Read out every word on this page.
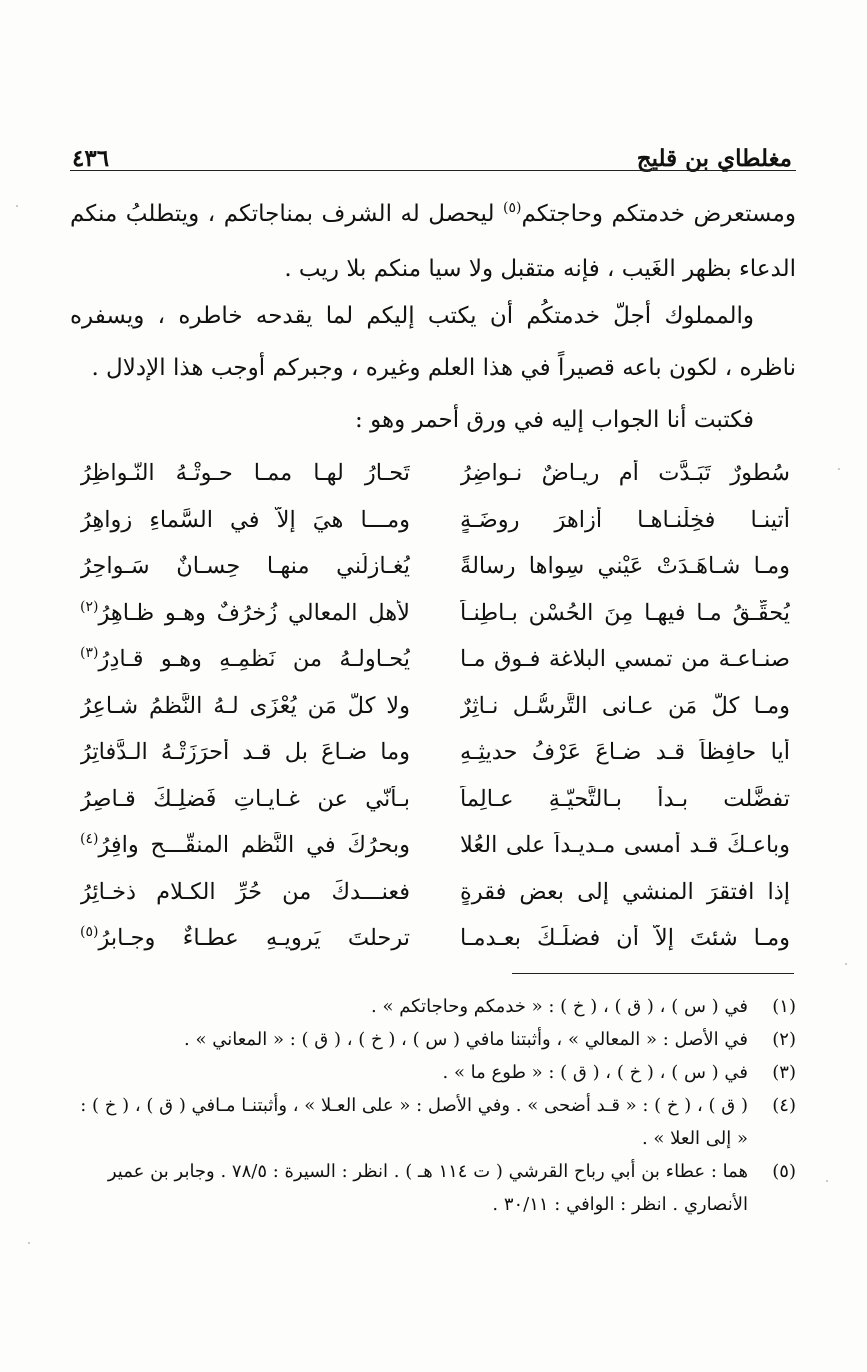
مغلطاي بن قليج
٤٣٦

ومستعرض خدمتكم وحاجتكم$^{(٥)}$ ليحصل له الشرف بمناجاتكم ، ويتطلبُ منكم الدعاء بظهر الغَيب ، فإنه متقبل ولا سيا منكم بلا ريب .

والمملوك أجلّ خدمتكُم أن يكتب إليكم لما يقدحه خاطره ، ويسفره ناظره ، لكون باعه قصيراً في هذا العلم وغيره ، وجبركم أوجب هذا الإدلال .

فكتبت أنا الجواب إليه في ورق أحمر وهو :

سُطورٌ تَبَـدَّت أم رِيـاضٌ نـواضِرُ
تَحـارُ لهـا ممـا حـوتْـهُ النّـواظِرُ
أتينـا فخِلْنـاهـا أزاهرَ روضَـةٍ
ومـــا هيَ إلاّ في السَّماءِ زواهِرُ
ومـا شـاهَـدَتْ عَيْني سِواها رِسالةً
يُغـازِلُني منهـا حِسـانٌ سَـواحِرُ
يُحقِّـقُ مـا فيهـا مِنَ الحُسْنِ بـاطِنـاً
لأهلِ المعالي زُخرُفٌ وهـو ظـاهِرُ$^{(٢)}$
صنـاعـة من تمسي البلاغة فـوق مـا
يُحـاولـهُ من نَظمِـهِ وهـو قـادِرُ$^{(٣)}$
ومـا كلّ مَن عـانى التَّرسُّـل نـاثِرٌ
ولا كلّ مَن يُعْزَى لـهُ النَّظمُ شـاعِرُ
أيا حافِظاً قـد ضـاعَ عَرْفُ حديثِـهِ
وما ضـاعَ بل قـد أحرَزَتْـهُ الـدَّفاتِرُ
تفضَّلت بـدأً بـالتَّحيّـةِ عـالِماً
بـأنّي عن غـايـاتِ فَضلِـكَ قـاصِرُ
وباعـكَ قـد أمسى مـديـداً على العُلا
وبحرُكَ في النَّظمِ المنقّـــحِ وافِرُ$^{(٤)}$
إذا افتقرَ المنشي إلى بعضِ فقرةٍ
فعنـــدكَ من حُرِّ الكـلامِ ذخـائِرُ
ومـا شئتَ إلاّ أن فضلَـكَ بعـدمـا
ترحلتَ يَرويـهِ عطـاءٌ وجـابرُ$^{(٥)}$
(١)
في ( س ) ، ( ق ) ، ( خ ) : « خدمكم وحاجاتكم » .
(٢)
في الأصل : « المعالي » ، وأثبتنا مافي ( س ) ، ( خ ) ، ( ق ) : « المعاني » .
(٣)
في ( س ) ، ( خ ) ، ( ق ) : « طوع ما » .
(٤)
( ق ) ، ( خ ) : « قـد أضحى » . وفي الأصل : « على العـلا » ، وأثبتنـا مـافي ( ق ) ، ( خ ) : « إلى العلا » .
(٥)
هما : عطاء بن أبي رباح القرشي ( ت ١١٤ هـ ) . انظر : السيرة : ٧٨/٥ . وجابر بن عمير الأنصاري . انظر : الوافي : ٣٠/١١ .
